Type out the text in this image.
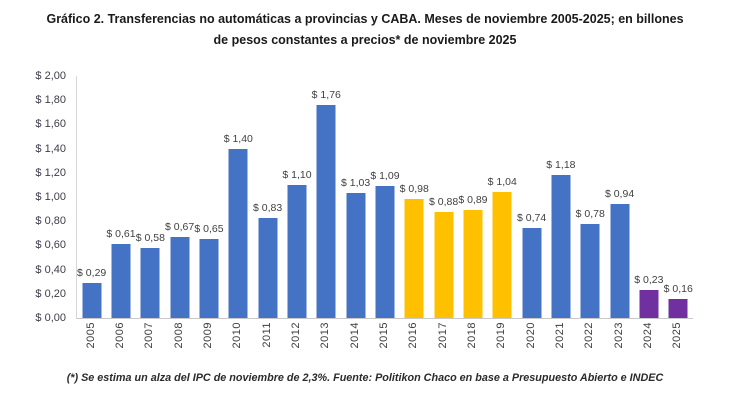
Gráfico 2. Transferencias no automáticas a provincias y CABA. Meses de noviembre 2005-2025; en billones
de pesos constantes a precios* de noviembre 2025
$ 0,00
$ 0,20
$ 0,40
$ 0,60
$ 0,80
$ 1,00
$ 1,20
$ 1,40
$ 1,60
$ 1,80
$ 2,00
$ 0,29
$ 0,61 $ 0,58
$ 0,67 $ 0,65
$ 1,40
$ 0,83
$ 1,10
$ 1,76
$ 1,03
$ 1,09
$ 0,98
$ 0,88 $ 0,89
$ 1,04
$ 0,74
$ 1,18
$ 0,78
$ 0,94
$ 0,23
$ 0,16
2005 2006 2007 2008 2009 2010 2011 2012 2013 2014 2015 2016 2017 2018 2019 2020 2021 2022 2023 2024 2025
(*) Se estima un alza del IPC de noviembre de 2,3%. Fuente: Politikon Chaco en base a Presupuesto Abierto e INDEC
